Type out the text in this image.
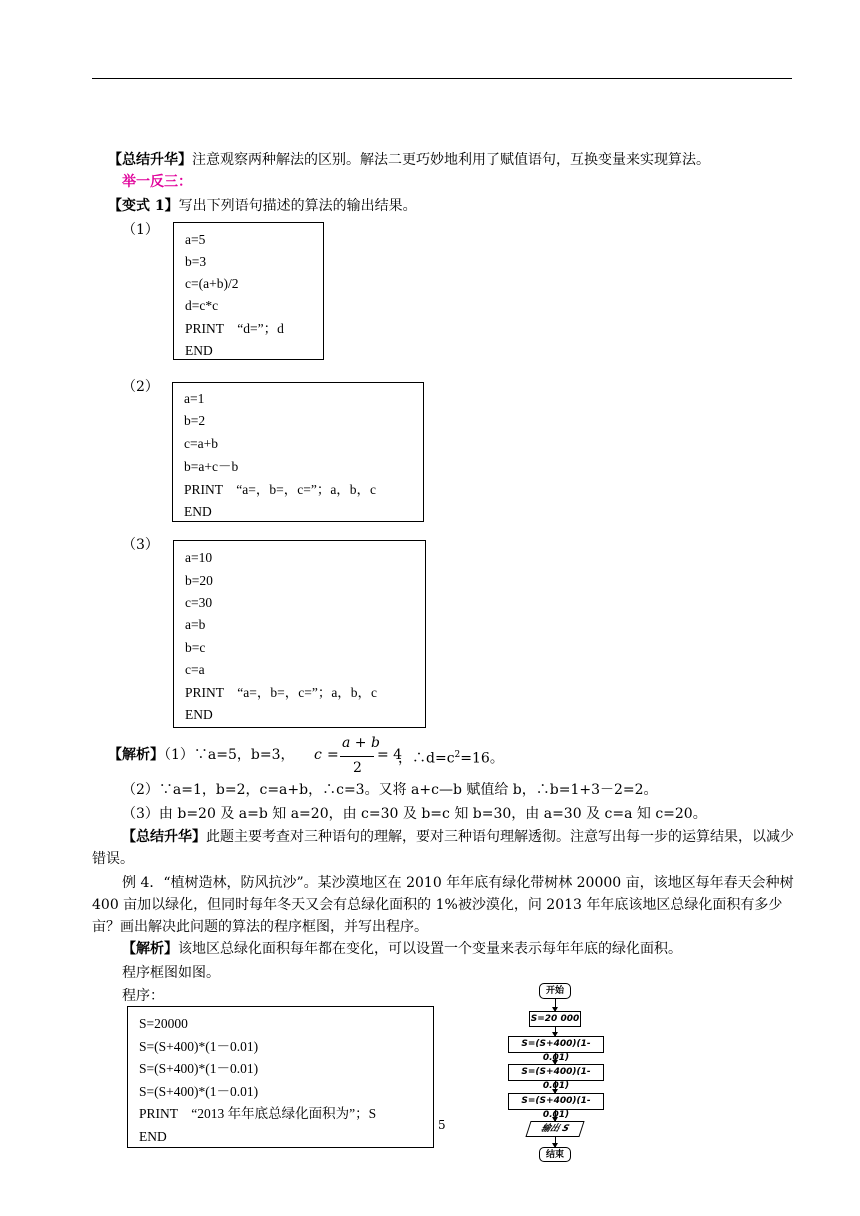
【总结升华】注意观察两种解法的区别。解法二更巧妙地利用了赋值语句，互换变量来实现算法。
举一反三：
【变式 1】写出下列语句描述的算法的输出结果。
（1）
a=5
b=3
c=(a+b)/2
d=c*c
PRINT　“d=”；d
END
（2）
a=1
b=2
c=a+b
b=a+c－b
PRINT　“a=，b=，c=”；a，b，c
END
（3）
a=10
b=20
c=30
a=b
b=c
c=a
PRINT　“a=，b=，c=”；a，b，c
END
【解析】（1）∵a=5，b=3， c =
a + b
2
= 4
，$\therefore d=c^2=16$。
（2）∵a=1，b=2，c=a+b，∴c=3。又将 a+c—b 赋值给 b，∴b=1+3－2=2。
（3）由 b=20 及 a=b 知 a=20，由 c=30 及 b=c 知 b=30，由 a=30 及 c=a 知 c=20。
【总结升华】此题主要考查对三种语句的理解，要对三种语句理解透彻。注意写出每一步的运算结果，以减少错误。
例 4．“植树造林，防风抗沙”。某沙漠地区在 2010 年年底有绿化带树林 20000 亩，该地区每年春天会种树 400 亩加以绿化，但同时每年冬天又会有总绿化面积的 1%被沙漠化，问 2013 年年底该地区总绿化面积有多少亩？画出解决此问题的算法的程序框图，并写出程序。
【解析】该地区总绿化面积每年都在变化，可以设置一个变量来表示每年年底的绿化面积。
程序框图如图。
程序：
S=20000
S=(S+400)*(1－0.01)
S=(S+400)*(1－0.01)
S=(S+400)*(1－0.01)
PRINT　“2013 年年底总绿化面积为”；S
END
5
开始
S=20 000
S=(S+400)(1-0.01)
S=(S+400)(1-0.01)
S=(S+400)(1-0.01)
输出 S
结束
